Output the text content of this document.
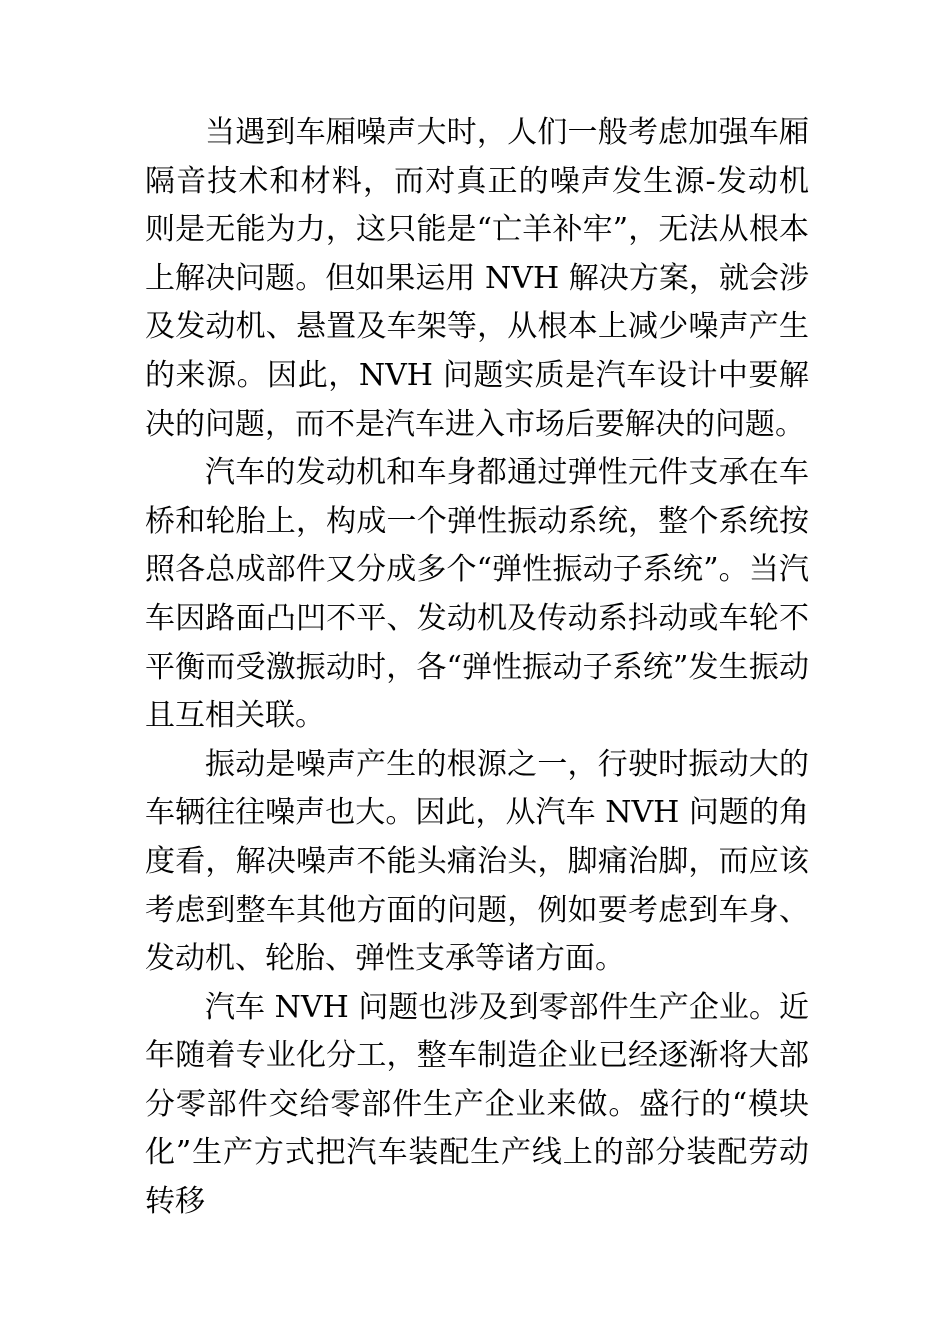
当遇到车厢噪声大时，人们一般考虑加强车厢隔音技术和材料，而对真正的噪声发生源-发动机则是无能为力，这只能是“亡羊补牢”，无法从根本上解决问题。但如果运用 NVH 解决方案，就会涉及发动机、悬置及车架等，从根本上减少噪声产生的来源。因此，NVH 问题实质是汽车设计中要解决的问题，而不是汽车进入市场后要解决的问题。

汽车的发动机和车身都通过弹性元件支承在车桥和轮胎上，构成一个弹性振动系统，整个系统按照各总成部件又分成多个“弹性振动子系统”。当汽车因路面凸凹不平、发动机及传动系抖动或车轮不平衡而受激振动时，各“弹性振动子系统”发生振动且互相关联。

振动是噪声产生的根源之一，行驶时振动大的车辆往往噪声也大。因此，从汽车 NVH 问题的角度看，解决噪声不能头痛治头，脚痛治脚，而应该考虑到整车其他方面的问题，例如要考虑到车身、发动机、轮胎、弹性支承等诸方面。

汽车 NVH 问题也涉及到零部件生产企业。近年随着专业化分工，整车制造企业已经逐渐将大部分零部件交给零部件生产企业来做。盛行的“模块化”生产方式把汽车装配生产线上的部分装配劳动转移
